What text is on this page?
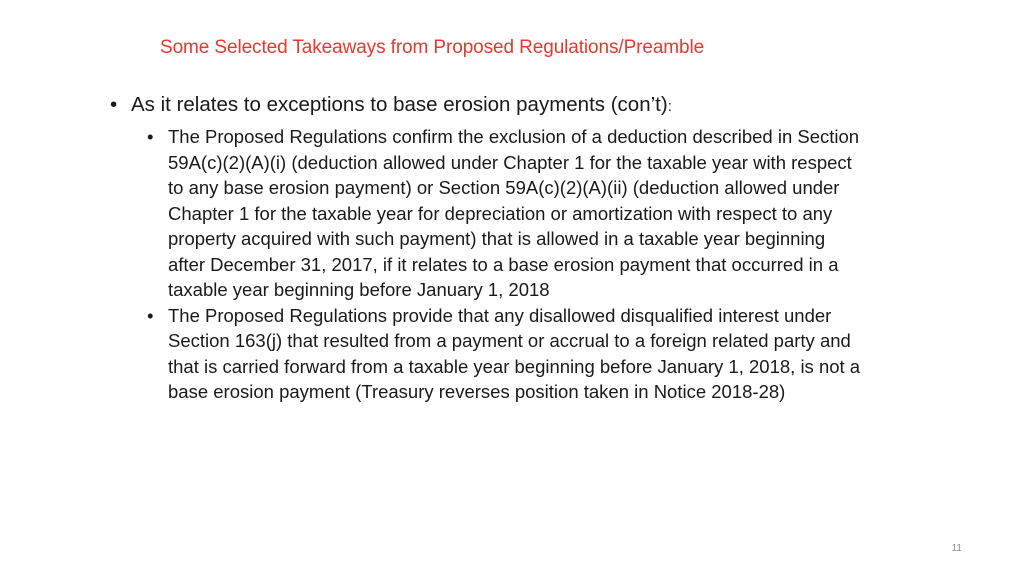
Some Selected Takeaways from Proposed Regulations/Preamble
• As it relates to exceptions to base erosion payments (con’t):
• The Proposed Regulations confirm the exclusion of a deduction described in Section 59A(c)(2)(A)(i) (deduction allowed under Chapter 1 for the taxable year with respect to any base erosion payment) or Section 59A(c)(2)(A)(ii) (deduction allowed under Chapter 1 for the taxable year for depreciation or amortization with respect to any property acquired with such payment) that is allowed in a taxable year beginning after December 31, 2017, if it relates to a base erosion payment that occurred in a taxable year beginning before January 1, 2018
• The Proposed Regulations provide that any disallowed disqualified interest under Section 163(j) that resulted from a payment or accrual to a foreign related party and that is carried forward from a taxable year beginning before January 1, 2018, is not a base erosion payment (Treasury reverses position taken in Notice 2018-28)
11
